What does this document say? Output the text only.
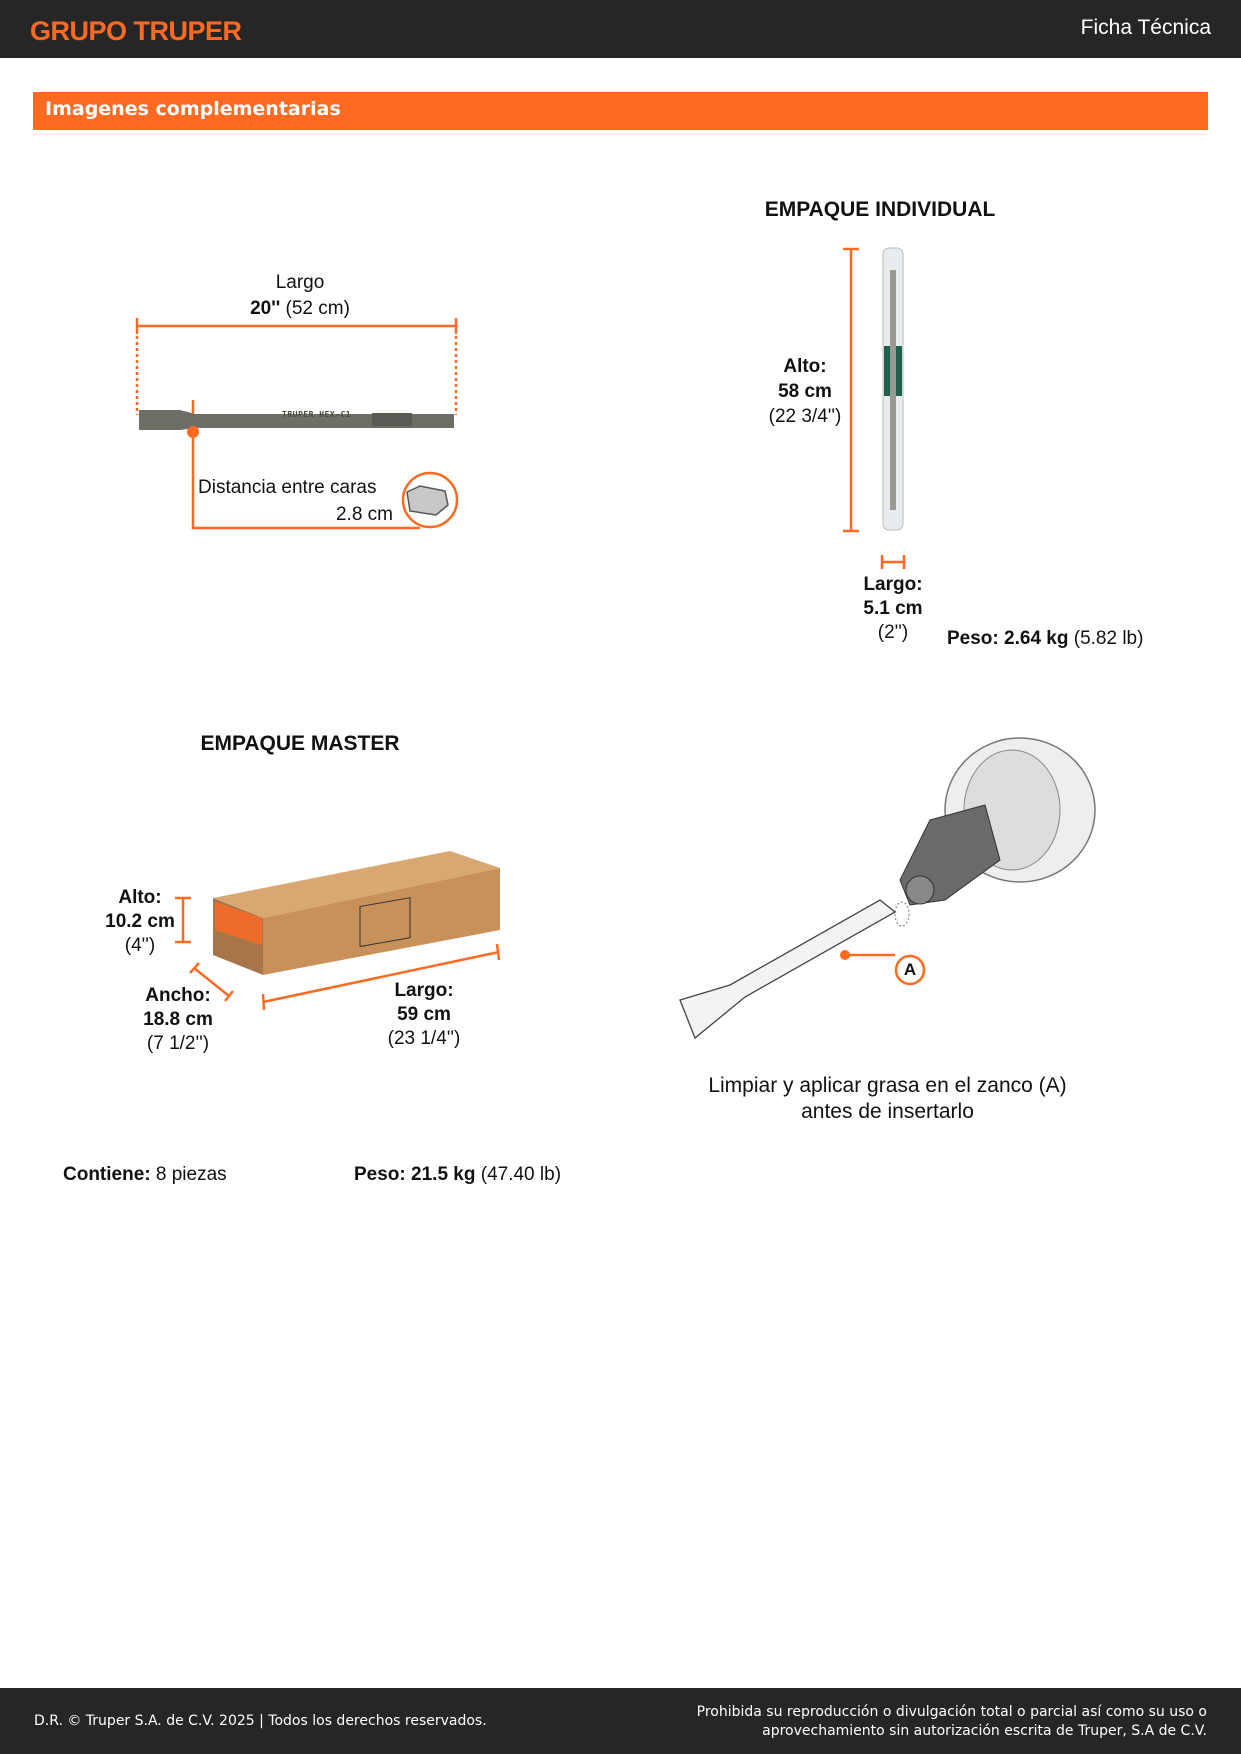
GRUPO TRUPER	Ficha Técnica
Imagenes complementarias
TRUPER HEX-C1
Largo
20'' (52 cm)
Distancia entre caras
2.8 cm
EMPAQUE INDIVIDUAL
Alto:
58 cm
(22 3/4'')
Largo:
5.1 cm
(2'')	Peso: 2.64 kg (5.82 lb)
EMPAQUE MASTER
Alto:
10.2 cm
(4'')
Ancho:
18.8 cm
(7 1/2'')
Largo:
59 cm
(23 1/4'')
Contiene: 8 piezas	Peso: 21.5 kg (47.40 lb)
A
Limpiar y aplicar grasa en el zanco (A)
antes de insertarlo
D.R. © Truper S.A. de C.V. 2025 | Todos los derechos reservados.
Prohibida su reproducción o divulgación total o parcial así como su uso o
aprovechamiento sin autorización escrita de Truper, S.A de C.V.
